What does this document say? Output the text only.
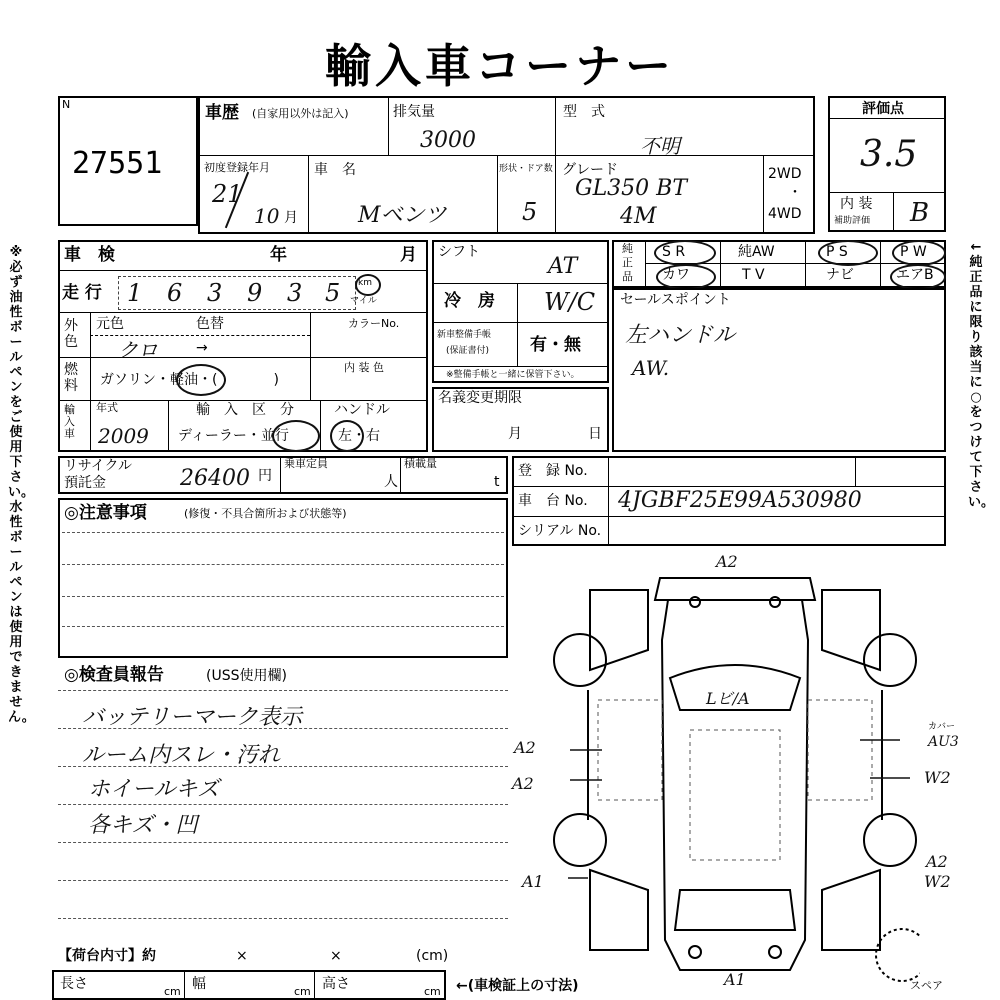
輸入車コーナー
※必ず油性ボールペンをご使用下さい。水性ボールペンは使用できません。
←純正品に限り該当に○をつけて下さい。
N
27551
車歴 (自家用以外は記入)	排気量
3000
型　式
不明
初度登録年月
21
10 月
車　名
Mベンツ
形状・ドア数
5
グレード
GL350 BT
4M
2WD
・
4WD
評価点
3.5
内 装
補助評価 B
車　検	年	月
走 行 1 6 3 9 3 5 km
マイル
外色
元色	色替	カラーNo.
クロ	→
燃料	ガソリン・軽油・(　　　　)
内 装 色
輸入車
年式
2009
輸　入　区　分
ディーラー・並行
ハンドル
左・右
シフト
AT
冷　房 W/C
新車整備手帳
(保証書付) 有・無
※整備手帳と一緒に保管下さい。
名義変更期限
月	日
純正品
S R	純AW	P S	P W
カワ	T V	ナビ	エアB
セールスポイント
左ハンドル
AW.
リサイクル
預託金	26400 円
乗車定員
人
積載量
t
登　録 No.
車　台 No. 4JGBF25E99A530980
シリアル No.
◎注意事項	(修復・不具合箇所および状態等)
◎検査員報告	(USS使用欄)
バッテリーマーク表示
ルーム内スレ・汚れ
ホイールキズ
各キズ・凹
A2
Lビ/A
A2
A2
A1
カバー
AU3
W2
A2
W2
A1	スペア
【荷台内寸】約	×	×	(cm)
長さ	cm 幅	cm 高さ	cm ←(車検証上の寸法)
